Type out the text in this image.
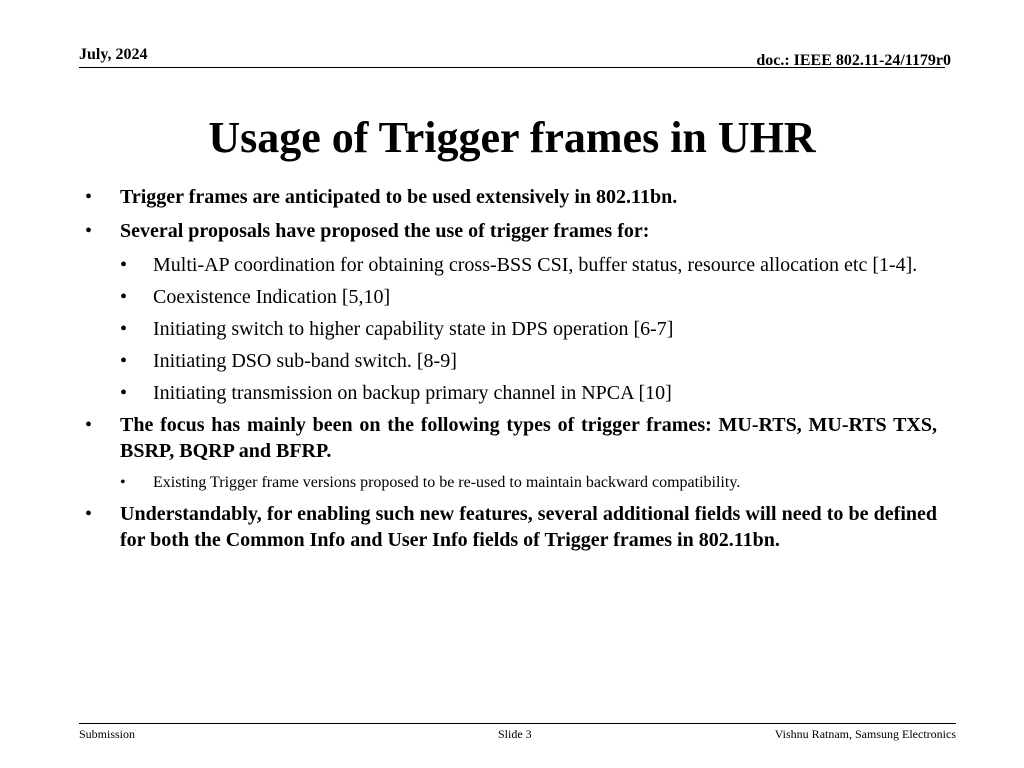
July, 2024	doc.: IEEE 802.11-24/1179r0
Usage of Trigger frames in UHR
• Trigger frames are anticipated to be used extensively in 802.11bn.
• Several proposals have proposed the use of trigger frames for:
• Multi-AP coordination for obtaining cross-BSS CSI, buffer status, resource allocation etc [1-4].
• Coexistence Indication [5,10]
• Initiating switch to higher capability state in DPS operation [6-7]
• Initiating DSO sub-band switch. [8-9]
• Initiating transmission on backup primary channel in NPCA [10]
• The focus has mainly been on the following types of trigger frames: MU-RTS, MU-RTS TXS, BSRP, BQRP and BFRP.
• Existing Trigger frame versions proposed to be re-used to maintain backward compatibility.
• Understandably, for enabling such new features, several additional fields will need to be defined for both the Common Info and User Info fields of Trigger frames in 802.11bn.
Submission	Slide 3	Vishnu Ratnam, Samsung Electronics
